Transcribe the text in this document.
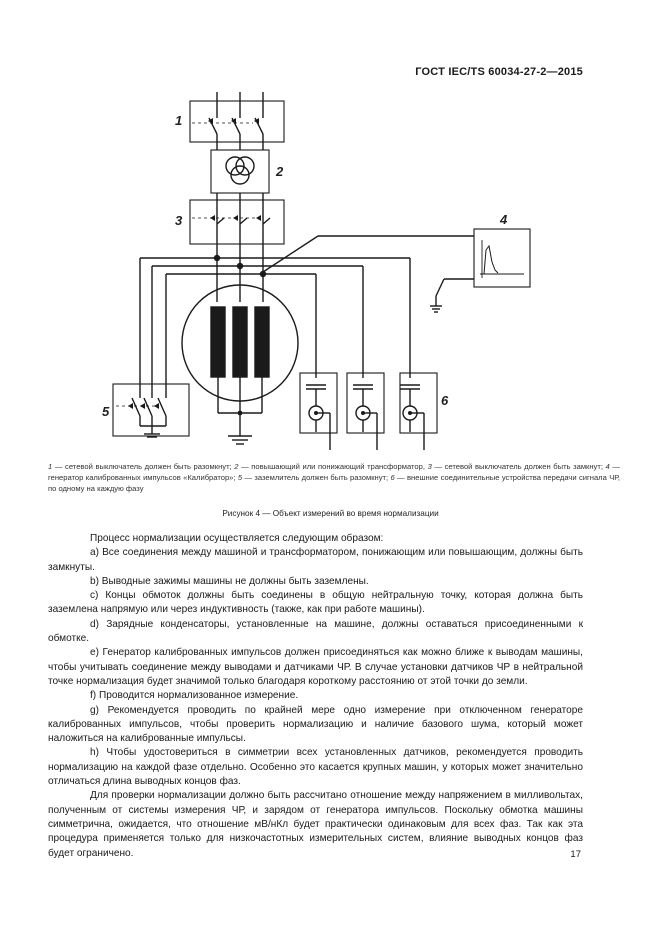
ГОСТ IEC/TS 60034-27-2—2015
1
2
3	4
5
6
1 — сетевой выключатель должен быть разомкнут; 2 — повышающий или понижающий трансформатор, 3 — сетевой выключатель должен быть замкнут; 4 — генератор калиброванных импульсов «Калибратор»; 5 — заземлитель должен быть разомкнут; 6 — внешние соединительные устройства передачи сигнала ЧР, по одному на каждую фазу
Рисунок 4 — Объект измерений во время нормализации

Процесс нормализации осуществляется следующим образом:

a) Все соединения между машиной и трансформатором, понижающим или повышающим, должны быть замкнуты.

b) Выводные зажимы машины не должны быть заземлены.

c) Концы обмоток должны быть соединены в общую нейтральную точку, которая должна быть заземлена напрямую или через индуктивность (также, как при работе машины).

d) Зарядные конденсаторы, установленные на машине, должны оставаться присоединенными к обмотке.

e) Генератор калиброванных импульсов должен присоединяться как можно ближе к выводам машины, чтобы учитывать соединение между выводами и датчиками ЧР. В случае установки датчиков ЧР в нейтральной точке нормализация будет значимой только благодаря короткому расстоянию от этой точки до земли.

f) Проводится нормализованное измерение.

g) Рекомендуется проводить по крайней мере одно измерение при отключенном генераторе калиброванных импульсов, чтобы проверить нормализацию и наличие базового шума, который может наложиться на калиброванные импульсы.

h) Чтобы удостовериться в симметрии всех установленных датчиков, рекомендуется проводить нормализацию на каждой фазе отдельно. Особенно это касается крупных машин, у которых может значительно отличаться длина выводных концов фаз.

Для проверки нормализации должно быть рассчитано отношение между напряжением в милливольтах, полученным от системы измерения ЧР, и зарядом от генератора импульсов. Поскольку обмотка машины симметрична, ожидается, что отношение мВ/нКл будет практически одинаковым для всех фаз. Так как эта процедура применяется только для низкочастотных измерительных систем, влияние выводных концов фаз будет ограничено.	17
